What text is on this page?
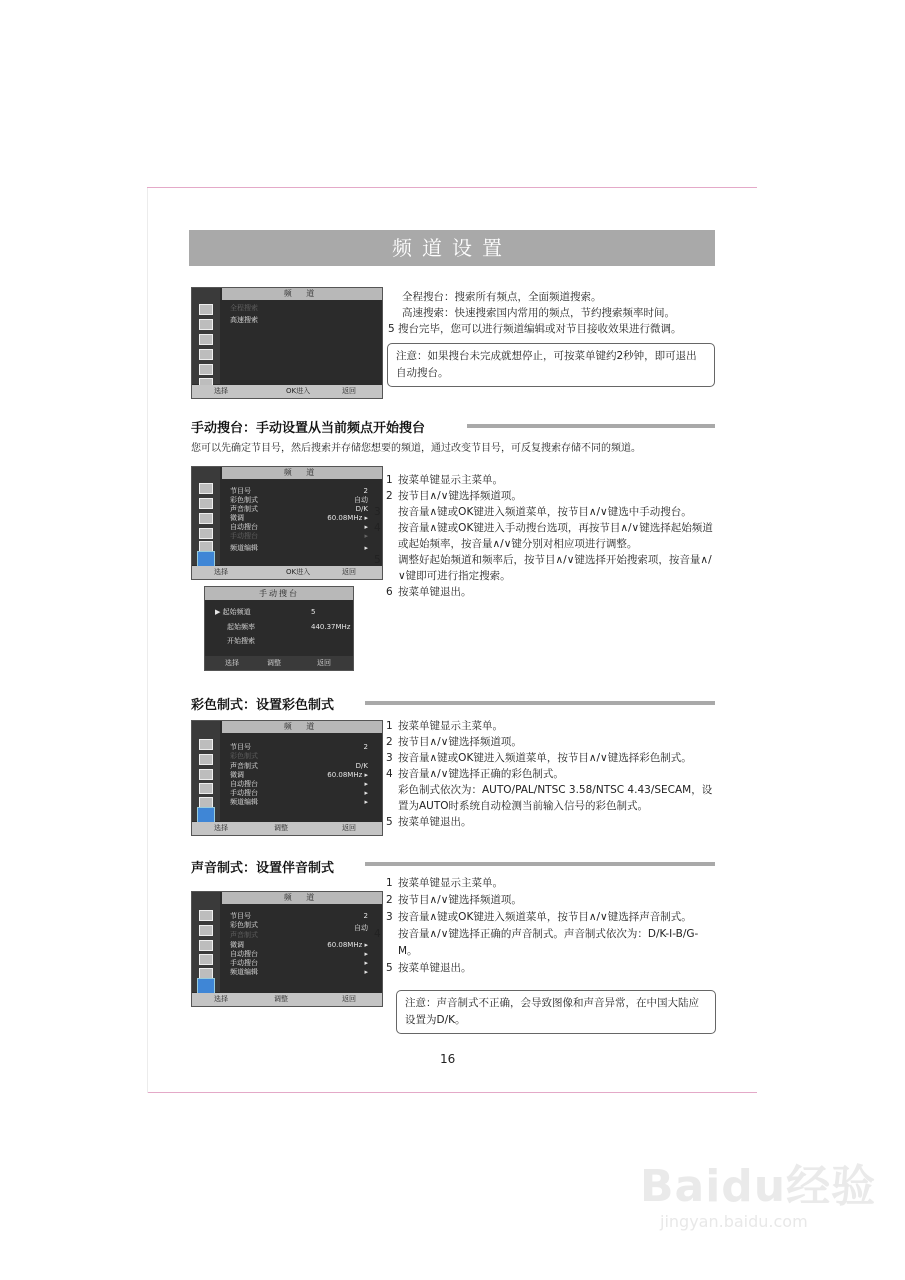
频道设置
频 道
全程搜索
高速搜索
选择	OK进入	返回

全程搜台：搜索所有频点，全面频道搜索。

高速搜索：快速搜索国内常用的频点，节约搜索频率时间。

5 搜台完毕，您可以进行频道编辑或对节目接收效果进行微调。

注意：如果搜台未完成就想停止，可按菜单键约2秒钟，即可退出自动搜台。
手动搜台：手动设置从当前频点开始搜台
您可以先确定节目号，然后搜索并存储您想要的频道，通过改变节目号，可反复搜索存储不同的频道。
频 道
节目号	2
彩色制式	自动
声音制式	D/K
微调	60.08MHz ▸
自动搜台	▸
手动搜台	▸
频道编辑	▸
选择	OK进入	返回
手动搜台
▶ 起始频道	5
起始频率	440.37MHz
开始搜索
选择	调整	返回

1 按菜单键显示主菜单。

2 按节目∧/∨键选择频道项。

3 按音量∧键或OK键进入频道菜单，按节目∧/∨键选中手动搜台。

4 按音量∧键或OK键进入手动搜台选项，再按节目∧/∨键选择起始频道或起始频率，按音量∧/∨键分别对相应项进行调整。

5 调整好起始频道和频率后，按节目∧/∨键选择开始搜索项，按音量∧/∨键即可进行指定搜索。

6 按菜单键退出。

彩色制式：设置彩色制式
频 道
节目号	2
彩色制式
声音制式	D/K
微调	60.08MHz ▸
自动搜台	▸
手动搜台	▸
频道编辑	▸
选择	调整	返回

1 按菜单键显示主菜单。

2 按节目∧/∨键选择频道项。

3 按音量∧键或OK键进入频道菜单，按节目∧/∨键选择彩色制式。

4 按音量∧/∨键选择正确的彩色制式。

彩色制式依次为：AUTO/PAL/NTSC 3.58/NTSC 4.43/SECAM，设置为AUTO时系统自动检测当前输入信号的彩色制式。

5 按菜单键退出。

声音制式：设置伴音制式
频 道
节目号	2
彩色制式	自动
声音制式
微调	60.08MHz ▸
自动搜台	▸
手动搜台	▸
频道编辑	▸
选择	调整	返回

1 按菜单键显示主菜单。

2 按节目∧/∨键选择频道项。

3 按音量∧键或OK键进入频道菜单，按节目∧/∨键选择声音制式。

4 按音量∧/∨键选择正确的声音制式。声音制式依次为：D/K-I-B/G-M。

5 按菜单键退出。

注意：声音制式不正确，会导致图像和声音异常，在中国大陆应设置为D/K。
16
Baidu经验
jingyan.baidu.com
